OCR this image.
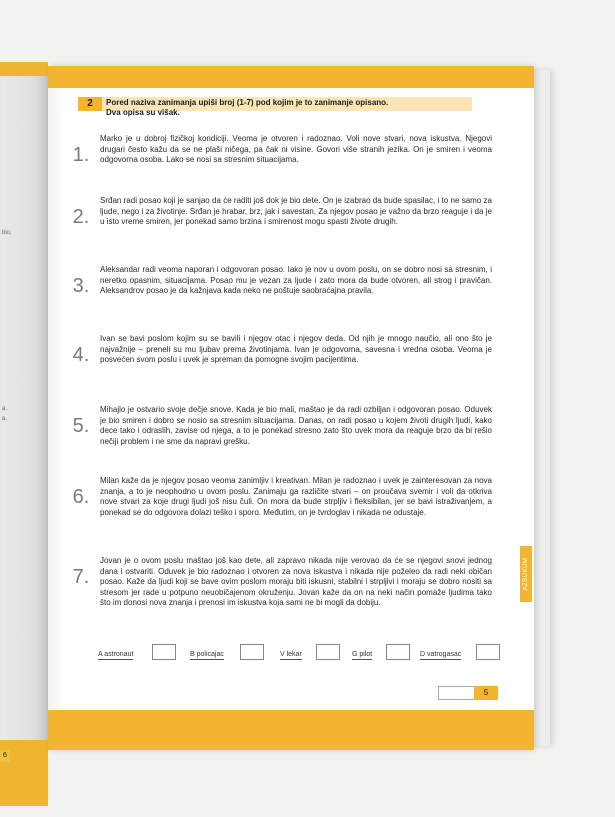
bio,
a.
a.
6
2	Pored naziva zanimanja upiši broj (1-7) pod kojim je to zanimanje opisano.
Dva opisa su višak.
1.
Marko je u dobroj fizičkoj kondiciji. Veoma je otvoren i radoznao. Voli nove stvari, nova iskustva. Njegovi drugari često kažu da se ne plaši ničega, pa čak ni visine. Govori više stranih jezika. On je smiren i veoma odgovorna osoba. Lako se nosi sa stresnim situacijama.
2.
Srđan radi posao koji je sanjao da će raditi još dok je bio dete. On je izabrao da bude spasilac, i to ne samo za ljude, nego i za životinje. Srđan je hrabar, brz, jak i savestan. Za njegov posao je važno da brzo reaguje i da je u isto vreme smiren, jer ponekad samo brzina i smirenost mogu spasti živote drugih.
3.
Aleksandar radi veoma naporan i odgovoran posao. Iako je nov u ovom poslu, on se dobro nosi sa stresnim, i neretko opasnim, situacijama. Posao mu je vezan za ljude i zato mora da bude otvoren, ali strog i pravičan. Aleksandrov posao je da kažnjava kada neko ne poštuje saobraćajna pravila.
4.
Ivan se bavi poslom kojim su se bavili i njegov otac i njegov deda. Od njih je mnogo naučio, ali ono što je najvažnije – preneli su mu ljubav prema životinjama. Ivan je odgovorna, savesna i vredna osoba. Veoma je posvećen svom poslu i uvek je spreman da pomogne svojim pacijentima.
5.
Mihajlo je ostvario svoje dečje snove. Kada je bio mali, maštao je da radi ozbiljan i odgovoran posao. Oduvek je bio smiren i dobro se nosio sa stresnim situacijama. Danas, on radi posao u kojem životi drugih ljudi, kako dece tako i odraslih, zavise od njega, a to je ponekad stresno zato što uvek mora da reaguje brzo da bi rešio nečiji problem i ne sme da napravi grešku.
6.
Milan kaže da je njegov posao veoma zanimljiv i kreativan. Milan je radoznao i uvek je zainteresovan za nova znanja, a to je neophodno u ovom poslu. Zanimaju ga različite stvari – on proučava svemir i voli da otkriva nove stvari za koje drugi ljudi još nisu čuli. On mora da bude strpljiv i fleksibilan, jer se bavi istraživanjem, a ponekad se do odgovora dolazi teško i sporo. Međutim, on je tvrdoglav i nikada ne odustaje.
7.
Jovan je o ovom poslu maštao još kao dete, ali zapravo nikada nije verovao da će se njegovi snovi jednog dana i ostvariti. Oduvek je bio radoznao i otvoren za nova iskustva i nikada nije poželeo da radi neki običan posao. Kaže da ljudi koji se bave ovim poslom moraju biti iskusni, stabilni i strpljivi i moraju se dobro nositi sa stresom jer rade u potpuno neuobičajenom okruženju. Jovan kaže da on na neki način pomaže ljudima tako što im donosi nova znanja i prenosi im iskustva koja sami ne bi mogli da dobiju.
A astronaut	B policajac	V lekar	G pilot	D vatrogasac
AZBUKUM
5
